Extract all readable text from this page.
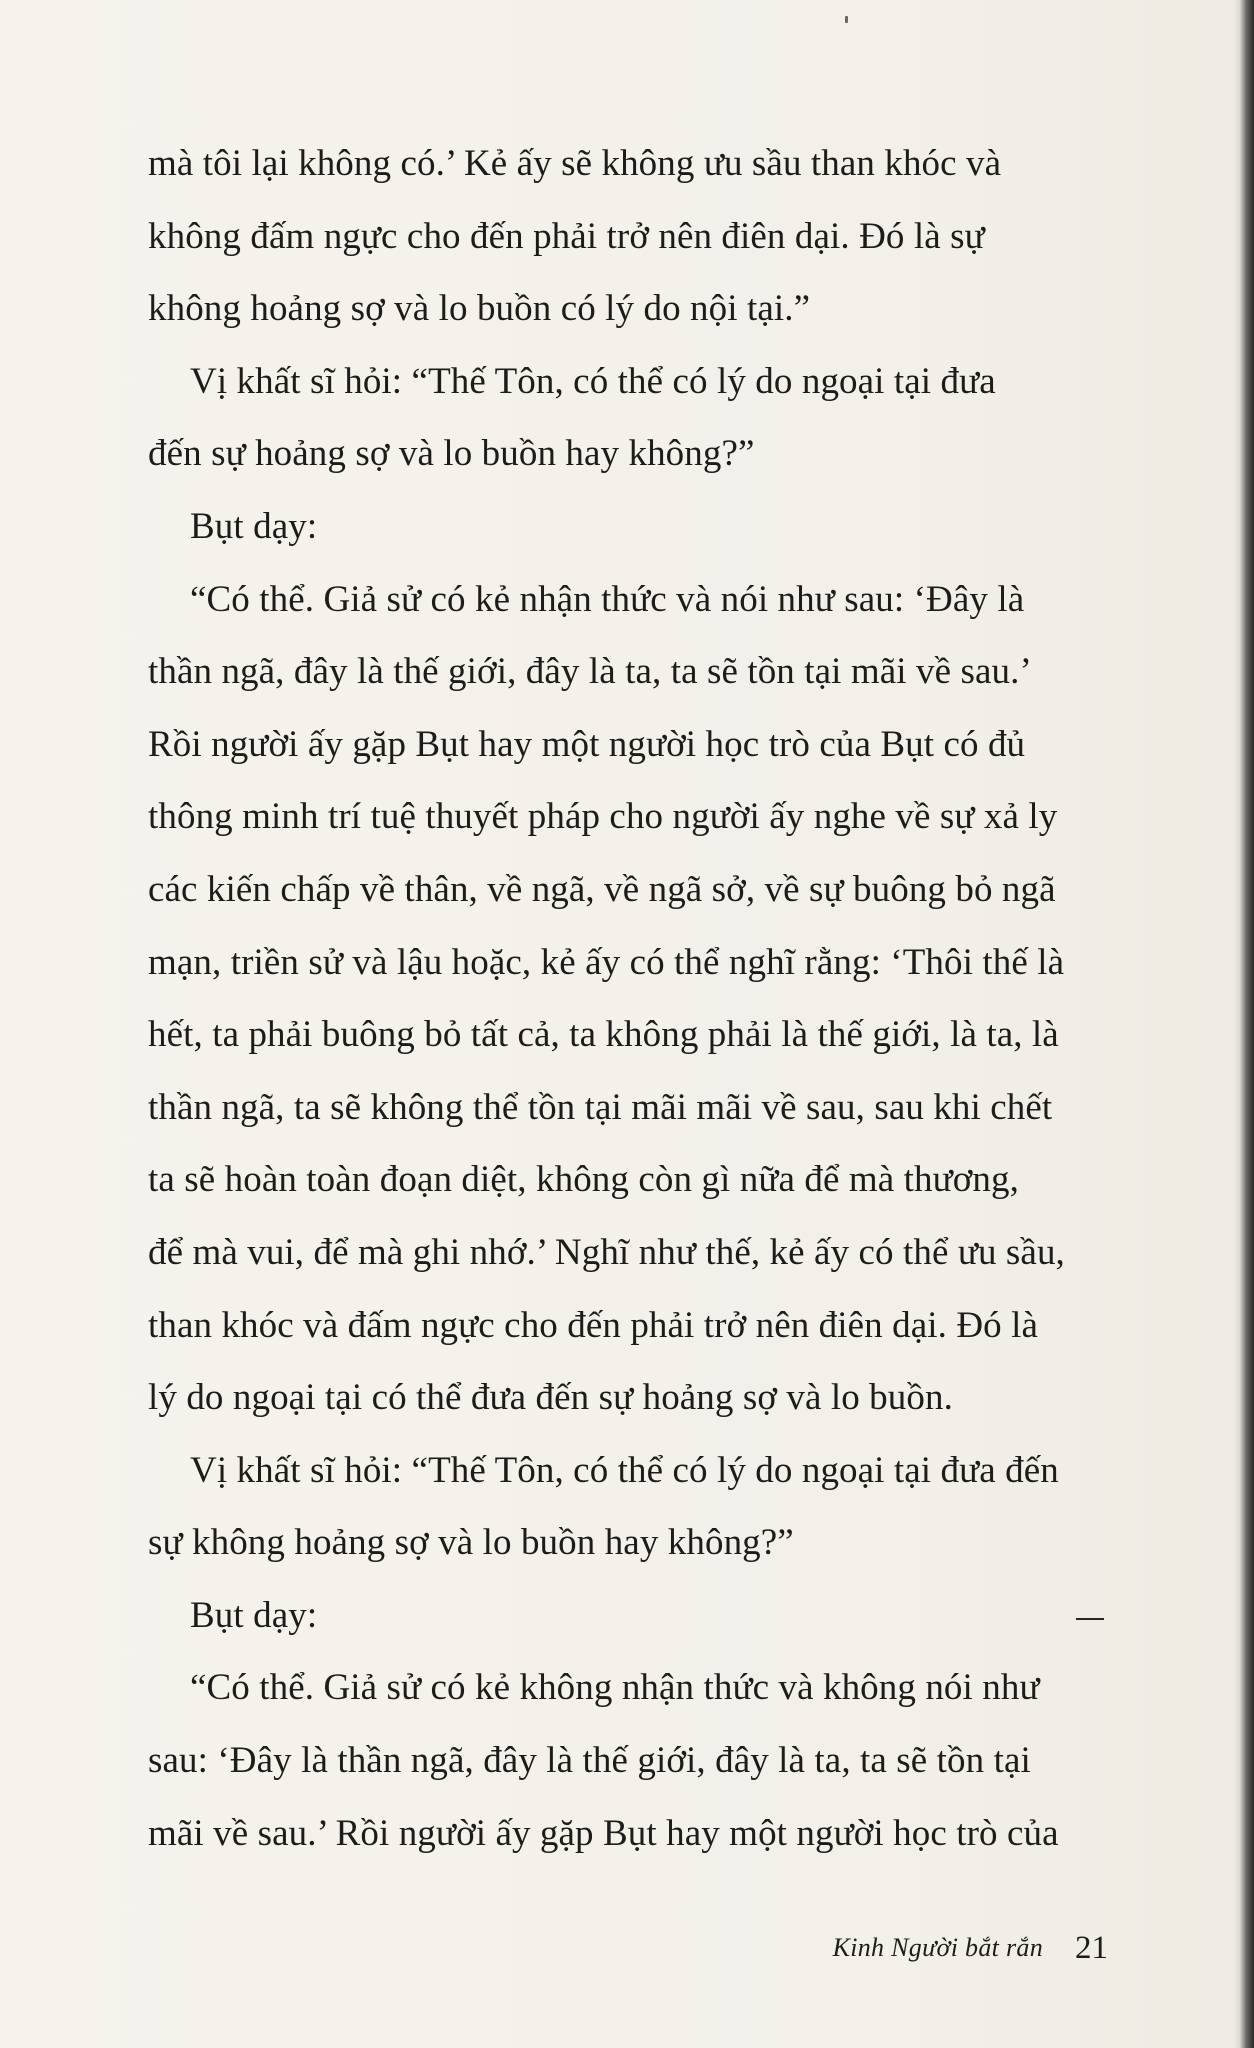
mà tôi lại không có.’ Kẻ ấy sẽ không ưu sầu than khóc và
không đấm ngực cho đến phải trở nên điên dại. Đó là sự
không hoảng sợ và lo buồn có lý do nội tại.”
Vị khất sĩ hỏi: “Thế Tôn, có thể có lý do ngoại tại đưa
đến sự hoảng sợ và lo buồn hay không?”
Bụt dạy:
“Có thể. Giả sử có kẻ nhận thức và nói như sau: ‘Đây là
thần ngã, đây là thế giới, đây là ta, ta sẽ tồn tại mãi về sau.’
Rồi người ấy gặp Bụt hay một người học trò của Bụt có đủ
thông minh trí tuệ thuyết pháp cho người ấy nghe về sự xả ly
các kiến chấp về thân, về ngã, về ngã sở, về sự buông bỏ ngã
mạn, triền sử và lậu hoặc, kẻ ấy có thể nghĩ rằng: ‘Thôi thế là
hết, ta phải buông bỏ tất cả, ta không phải là thế giới, là ta, là
thần ngã, ta sẽ không thể tồn tại mãi mãi về sau, sau khi chết
ta sẽ hoàn toàn đoạn diệt, không còn gì nữa để mà thương,
để mà vui, để mà ghi nhớ.’ Nghĩ như thế, kẻ ấy có thể ưu sầu,
than khóc và đấm ngực cho đến phải trở nên điên dại. Đó là
lý do ngoại tại có thể đưa đến sự hoảng sợ và lo buồn.
Vị khất sĩ hỏi: “Thế Tôn, có thể có lý do ngoại tại đưa đến
sự không hoảng sợ và lo buồn hay không?”
Bụt dạy:
“Có thể. Giả sử có kẻ không nhận thức và không nói như
sau: ‘Đây là thần ngã, đây là thế giới, đây là ta, ta sẽ tồn tại
mãi về sau.’ Rồi người ấy gặp Bụt hay một người học trò của
Kinh Người bắt rắn 21
